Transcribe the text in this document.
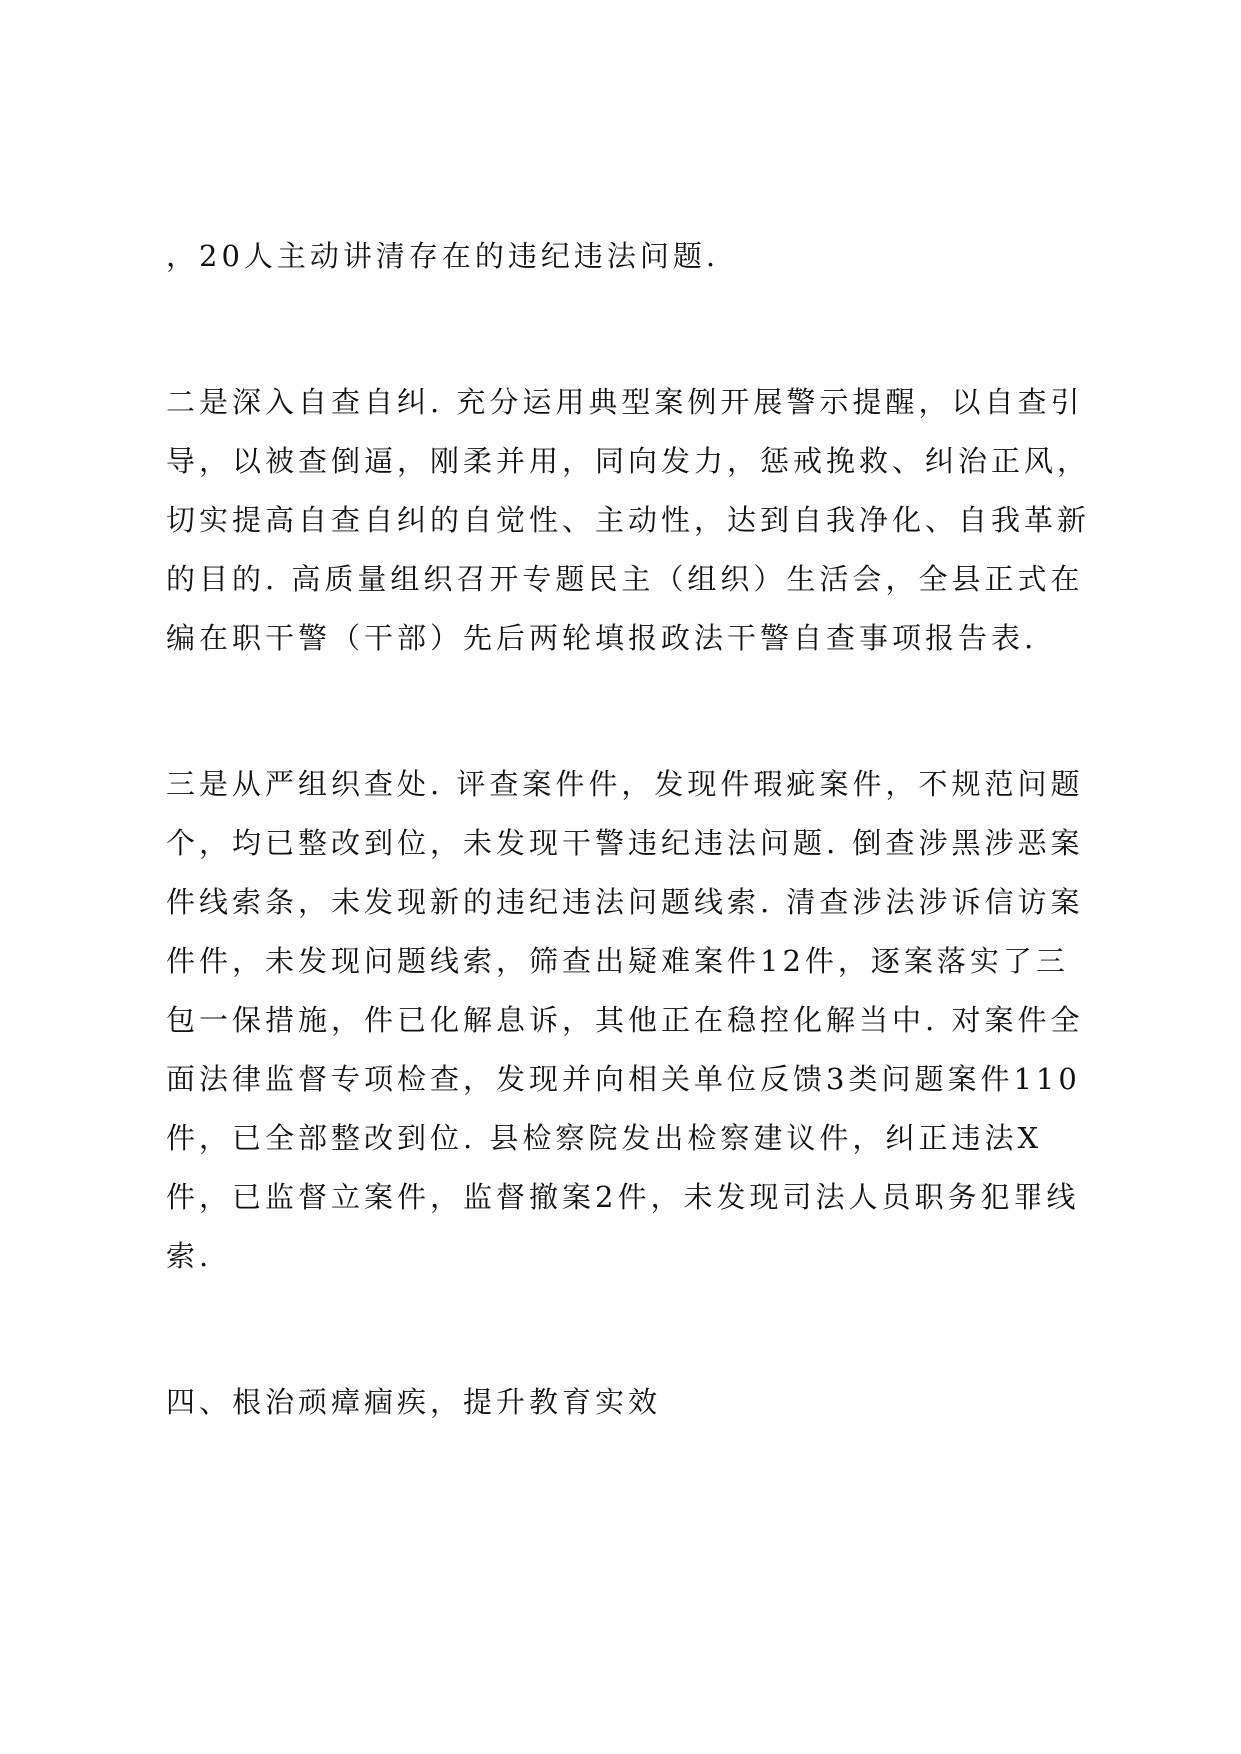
，20人主动讲清存在的违纪违法问题.
二是深入自查自纠. 充分运用典型案例开展警示提醒，以自查引
导，以被查倒逼，刚柔并用，同向发力，惩戒挽救、纠治正风，
切实提高自查自纠的自觉性、主动性，达到自我净化、自我革新
的目的. 高质量组织召开专题民主（组织）生活会，全县正式在
编在职干警（干部）先后两轮填报政法干警自查事项报告表.
三是从严组织查处. 评查案件件，发现件瑕疵案件，不规范问题
个，均已整改到位，未发现干警违纪违法问题. 倒查涉黑涉恶案
件线索条，未发现新的违纪违法问题线索. 清查涉法涉诉信访案
件件，未发现问题线索，筛查出疑难案件12件，逐案落实了三
包一保措施，件已化解息诉，其他正在稳控化解当中. 对案件全
面法律监督专项检查，发现并向相关单位反馈3类问题案件110
件，已全部整改到位. 县检察院发出检察建议件，纠正违法X
件，已监督立案件，监督撤案2件，未发现司法人员职务犯罪线
索.
四、根治顽瘴痼疾，提升教育实效
